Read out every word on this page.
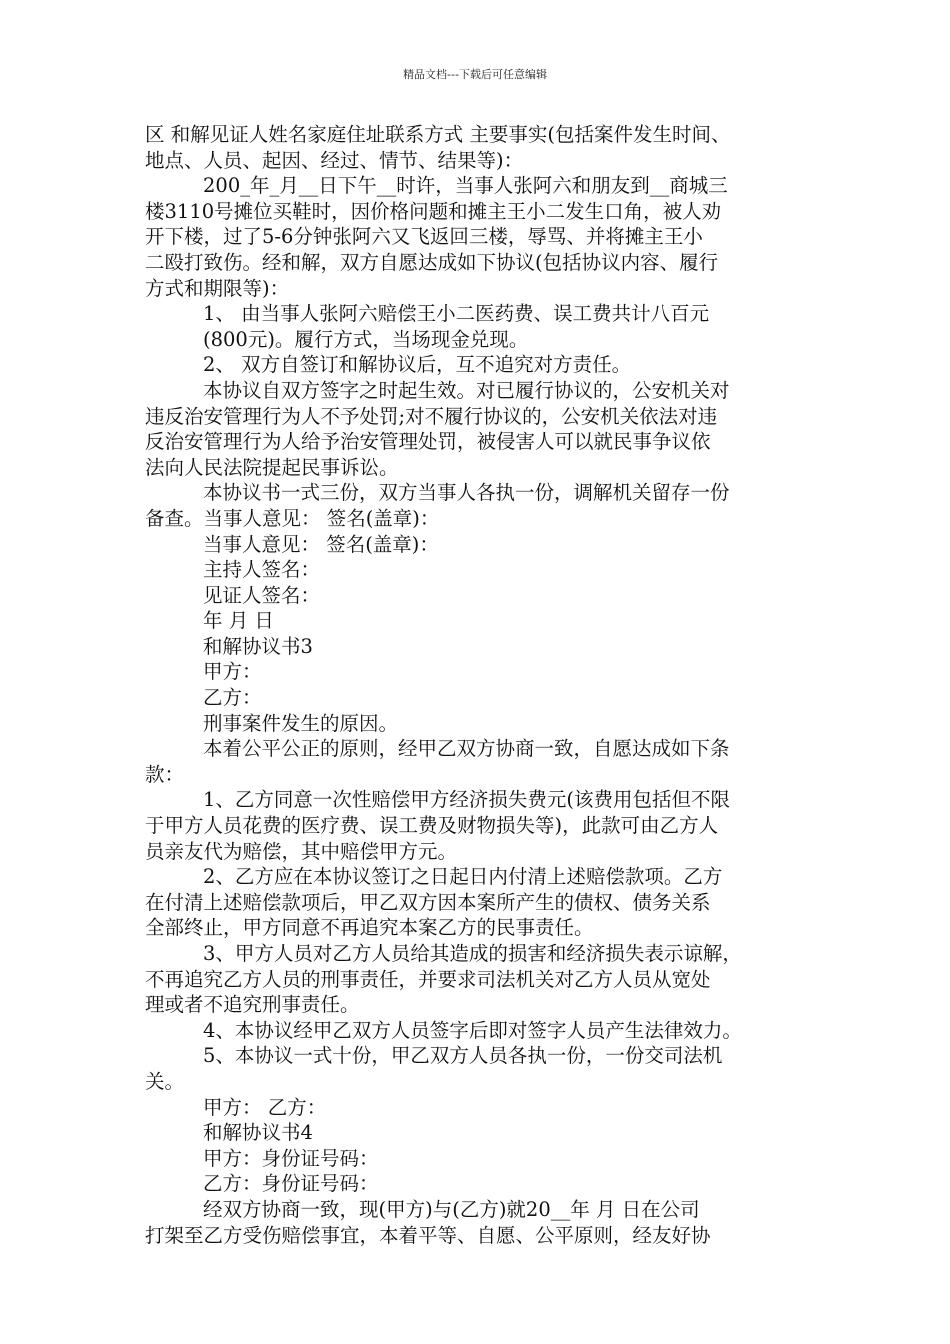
精品文档---下载后可任意编辑

区 和解见证人姓名家庭住址联系方式 主要事实(包括案件发生时间、

地点、人员、起因、经过、情节、结果等)：

200_年_月__日下午__时许，当事人张阿六和朋友到__商城三

楼3110号摊位买鞋时，因价格问题和摊主王小二发生口角，被人劝

开下楼，过了5-6分钟张阿六又飞返回三楼，辱骂、并将摊主王小

二殴打致伤。经和解，双方自愿达成如下协议(包括协议内容、履行

方式和期限等)：

1、 由当事人张阿六赔偿王小二医药费、误工费共计八百元

(800元)。履行方式，当场现金兑现。

2、 双方自签订和解协议后，互不追究对方责任。

本协议自双方签字之时起生效。对已履行协议的，公安机关对

违反治安管理行为人不予处罚;对不履行协议的，公安机关依法对违

反治安管理行为人给予治安管理处罚，被侵害人可以就民事争议依

法向人民法院提起民事诉讼。

本协议书一式三份，双方当事人各执一份，调解机关留存一份

备查。当事人意见： 签名(盖章)：

当事人意见： 签名(盖章)：

主持人签名：

见证人签名：

年 月 日

和解协议书3

甲方：

乙方：

刑事案件发生的原因。

本着公平公正的原则，经甲乙双方协商一致，自愿达成如下条

款：

1、乙方同意一次性赔偿甲方经济损失费元(该费用包括但不限

于甲方人员花费的医疗费、误工费及财物损失等)，此款可由乙方人

员亲友代为赔偿，其中赔偿甲方元。

2、乙方应在本协议签订之日起日内付清上述赔偿款项。乙方

在付清上述赔偿款项后，甲乙双方因本案所产生的债权、债务关系

全部终止，甲方同意不再追究本案乙方的民事责任。

3、甲方人员对乙方人员给其造成的损害和经济损失表示谅解，

不再追究乙方人员的刑事责任，并要求司法机关对乙方人员从宽处

理或者不追究刑事责任。

4、本协议经甲乙双方人员签字后即对签字人员产生法律效力。

5、本协议一式十份，甲乙双方人员各执一份，一份交司法机

关。

甲方： 乙方：

和解协议书4

甲方：身份证号码：

乙方：身份证号码：

经双方协商一致，现(甲方)与(乙方)就20__年 月 日在公司

打架至乙方受伤赔偿事宜，本着平等、自愿、公平原则，经友好协
